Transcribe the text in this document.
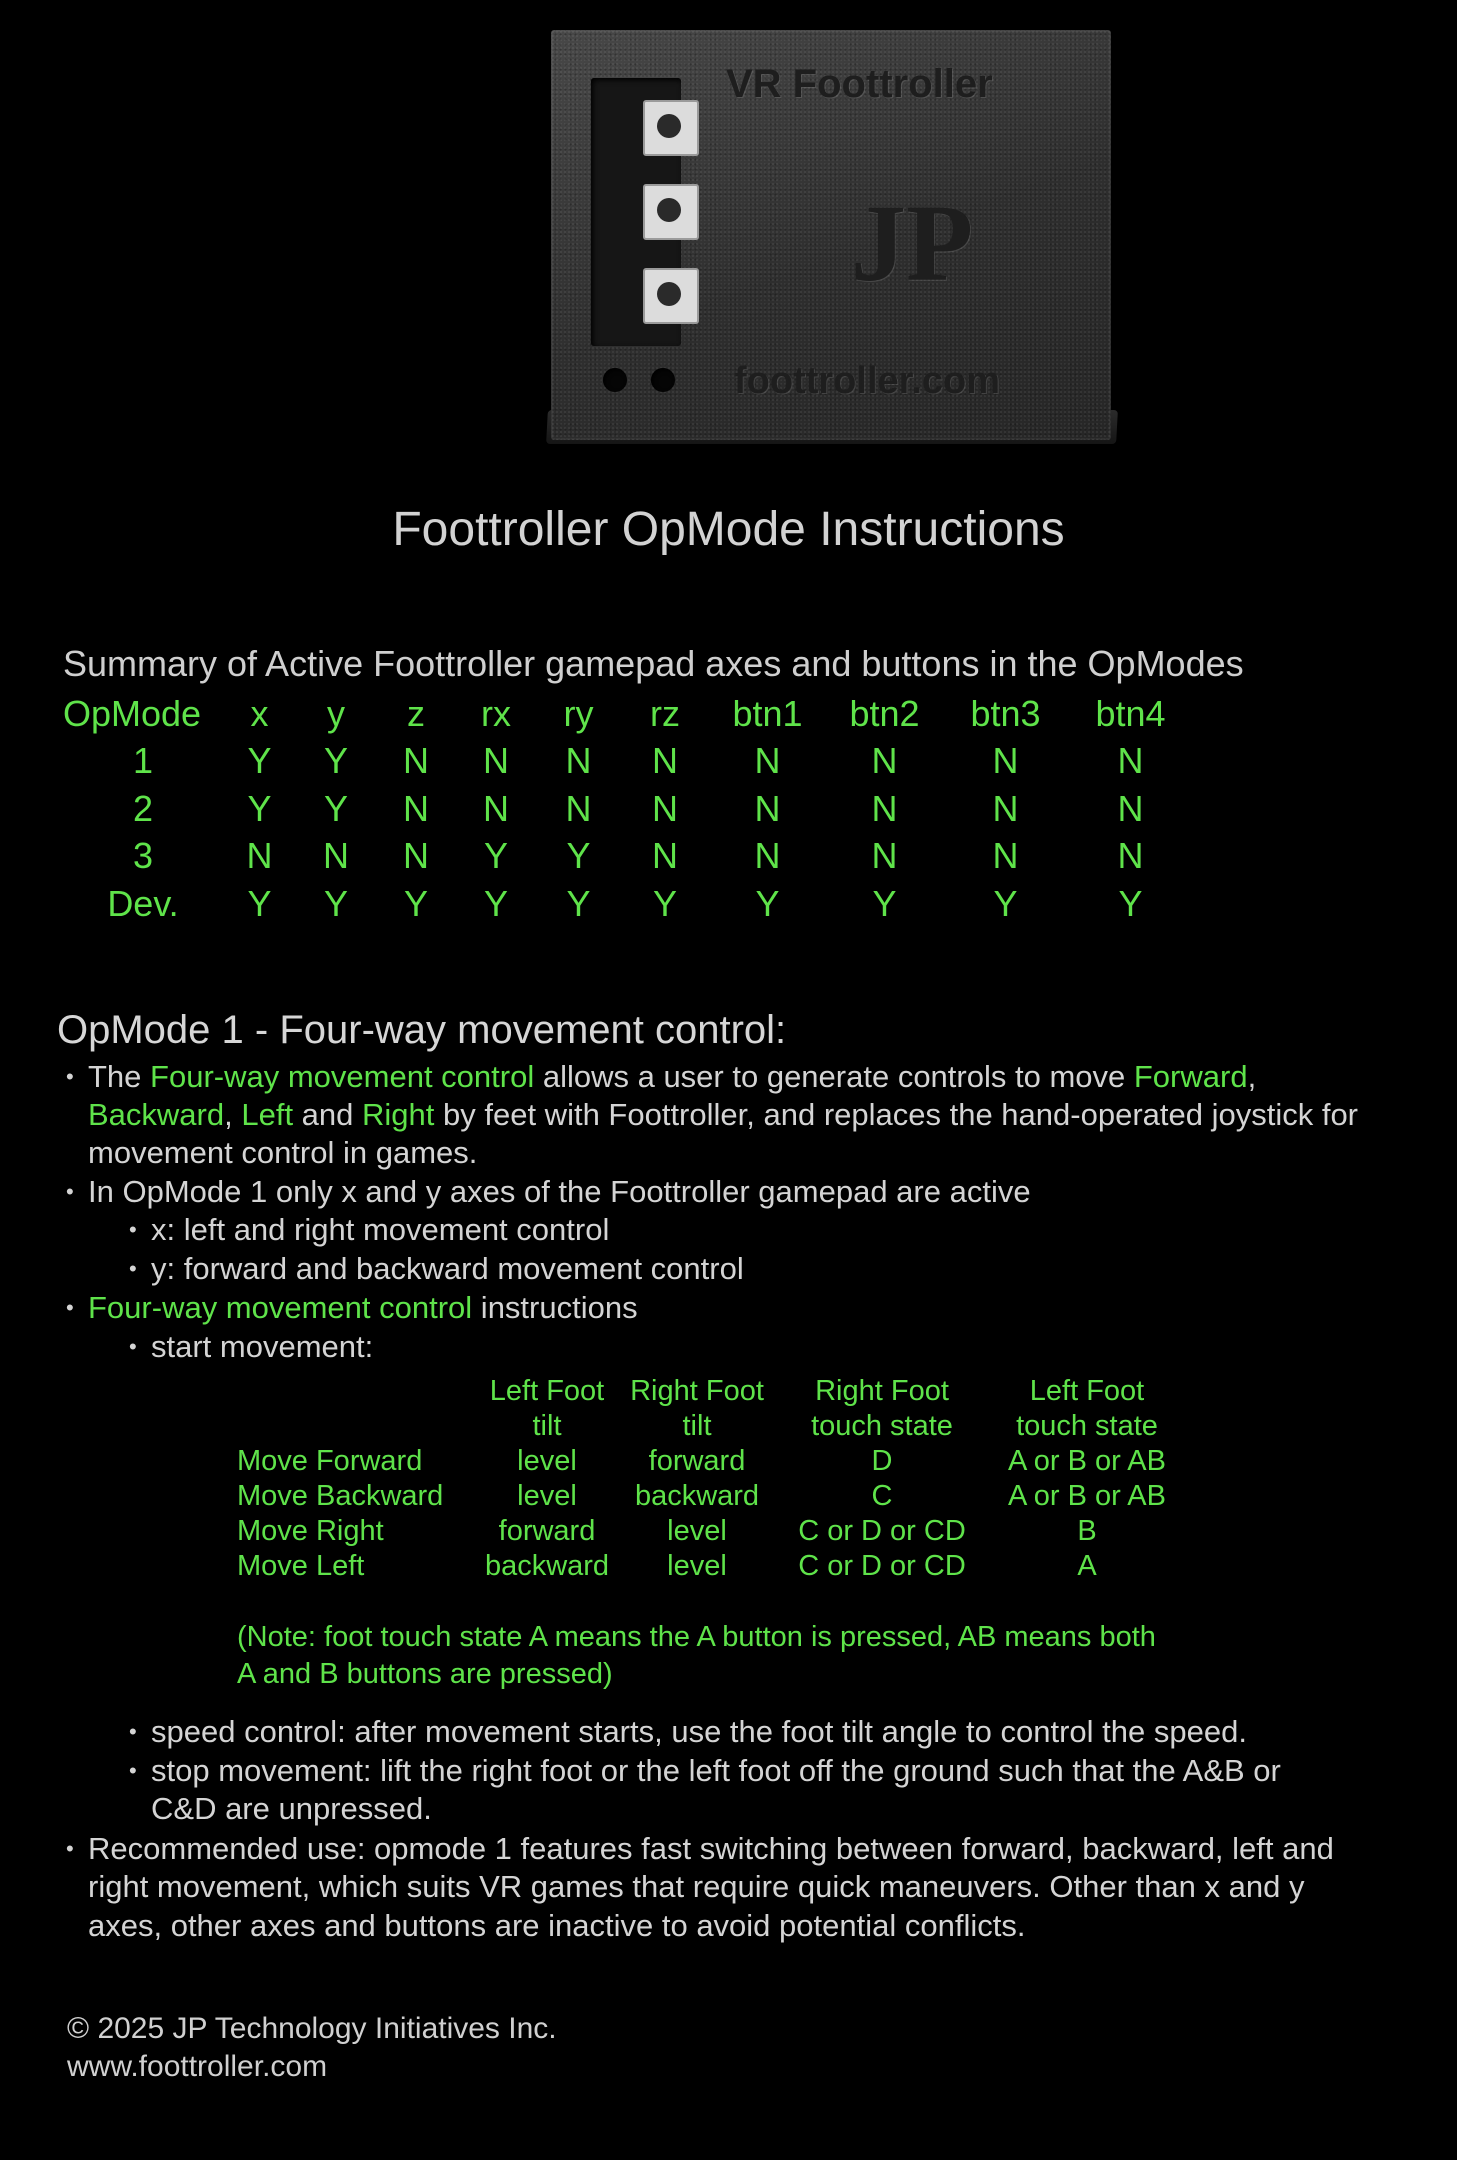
VR Foottroller
JP
foottroller.com
Foottroller OpMode Instructions
Summary of Active Foottroller gamepad axes and buttons in the OpModes
OpMode	x	y	z	rx	ry	rz	btn1	btn2	btn3	btn4
1	Y	Y	N	N	N	N	N	N	N	N
2	Y	Y	N	N	N	N	N	N	N	N
3	N	N	N	Y	Y	N	N	N	N	N
Dev.	Y	Y	Y	Y	Y	Y	Y	Y	Y	Y
OpMode 1 - Four-way movement control:
• The Four-way movement control allows a user to generate controls to move Forward,
Backward, Left and Right by feet with Foottroller, and replaces the hand-operated joystick for
movement control in games.
• In OpMode 1 only x and y axes of the Foottroller gamepad are active
• x: left and right movement control
• y: forward and backward movement control
• Four-way movement control instructions
• start movement:
	Left Foot	Right Foot	Right Foot	Left Foot
	tilt	tilt	touch state	touch state
Move Forward	level	forward	D	A or B or AB
Move Backward	level	backward	C	A or B or AB
Move Right	forward	level	C or D or CD	B
Move Left	backward	level	C or D or CD	A
(Note: foot touch state A means the A button is pressed, AB means both
A and B buttons are pressed)
• speed control: after movement starts, use the foot tilt angle to control the speed.
• stop movement: lift the right foot or the left foot off the ground such that the A&B or
C&D are unpressed.
• Recommended use: opmode 1 features fast switching between forward, backward, left and
right movement, which suits VR games that require quick maneuvers. Other than x and y
axes, other axes and buttons are inactive to avoid potential conflicts.
© 2025 JP Technology Initiatives Inc.
www.foottroller.com
